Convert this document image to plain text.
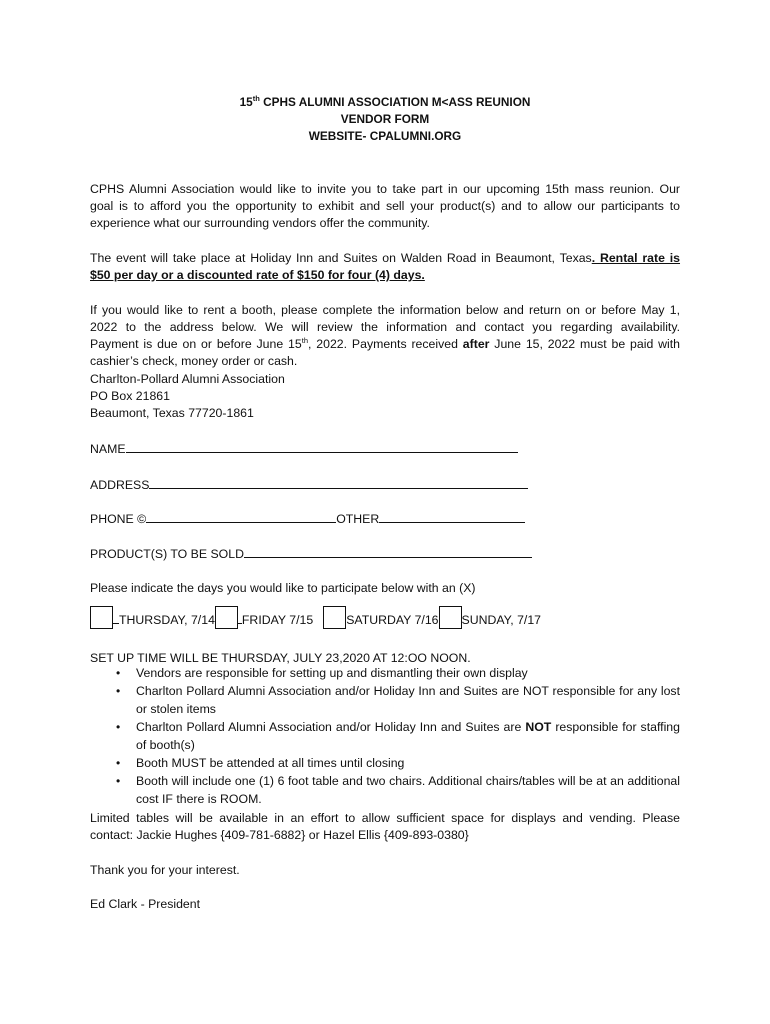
15th CPHS ALUMNI ASSOCIATION M<ASS REUNION
VENDOR FORM
WEBSITE- CPALUMNI.ORG
CPHS Alumni Association would like to invite you to take part in our upcoming 15th mass reunion. Our
goal is to afford you the opportunity to exhibit and sell your product(s) and to allow our participants to
experience what our surrounding vendors offer the community.
The event will take place at Holiday Inn and Suites on Walden Road in Beaumont, Texas. Rental rate is
$50 per day or a discounted rate of $150 for four (4) days.
If you would like to rent a booth, please complete the information below and return on or before May 1,
2022 to the address below. We will review the information and contact you regarding availability.
Payment is due on or before June 15th, 2022. Payments received after June 15, 2022 must be paid with
cashier’s check, money order or cash.
Charlton-Pollard Alumni Association
PO Box 21861
Beaumont, Texas 77720-1861
NAME
ADDRESS
PHONE ©	OTHER
PRODUCT(S) TO BE SOLD
Please indicate the days you would like to participate below with an (X)
THURSDAY, 7/14 FRIDAY 7/15	SATURDAY 7/16 SUNDAY, 7/17
SET UP TIME WILL BE THURSDAY, JULY 23,2020 AT 12:OO NOON.
• Vendors are responsible for setting up and dismantling their own display
• Charlton Pollard Alumni Association and/or Holiday Inn and Suites are NOT responsible for any lost or stolen items
• Charlton Pollard Alumni Association and/or Holiday Inn and Suites are NOT responsible for staffing of booth(s)
• Booth MUST be attended at all times until closing
• Booth will include one (1) 6 foot table and two chairs. Additional chairs/tables will be at an additional cost IF there is ROOM.
Limited tables will be available in an effort to allow sufficient space for displays and vending. Please
contact: Jackie Hughes {409-781-6882} or Hazel Ellis {409-893-0380}
Thank you for your interest.
Ed Clark - President
